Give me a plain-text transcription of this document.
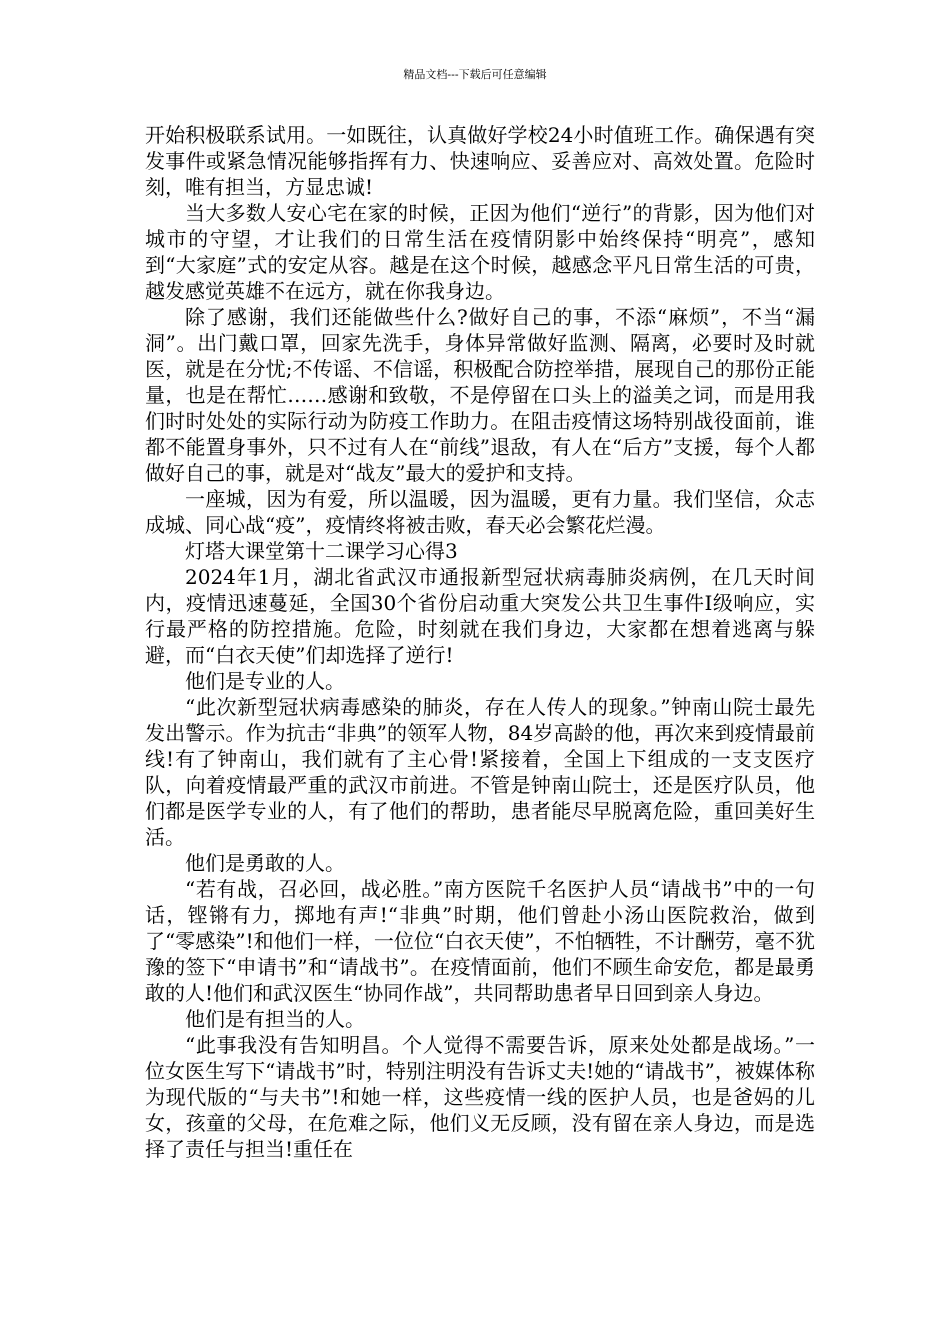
精品文档---下载后可任意编辑

开始积极联系试用。一如既往，认真做好学校24小时值班工作。确保遇有突发事件或紧急情况能够指挥有力、快速响应、妥善应对、高效处置。危险时刻，唯有担当，方显忠诚!

当大多数人安心宅在家的时候，正因为他们“逆行”的背影，因为他们对城市的守望，才让我们的日常生活在疫情阴影中始终保持“明亮”，感知到“大家庭”式的安定从容。越是在这个时候，越感念平凡日常生活的可贵，越发感觉英雄不在远方，就在你我身边。

除了感谢，我们还能做些什么?做好自己的事，不添“麻烦”，不当“漏洞”。出门戴口罩，回家先洗手，身体异常做好监测、隔离，必要时及时就医，就是在分忧;不传谣、不信谣，积极配合防控举措，展现自己的那份正能量，也是在帮忙……感谢和致敬，不是停留在口头上的溢美之词，而是用我们时时处处的实际行动为防疫工作助力。在阻击疫情这场特别战役面前，谁都不能置身事外，只不过有人在“前线”退敌，有人在“后方”支援，每个人都做好自己的事，就是对“战友”最大的爱护和支持。

一座城，因为有爱，所以温暖，因为温暖，更有力量。我们坚信，众志成城、同心战“疫”，疫情终将被击败，春天必会繁花烂漫。

灯塔大课堂第十二课学习心得3

2024年1月，湖北省武汉市通报新型冠状病毒肺炎病例，在几天时间内，疫情迅速蔓延，全国30个省份启动重大突发公共卫生事件Ⅰ级响应，实行最严格的防控措施。危险，时刻就在我们身边，大家都在想着逃离与躲避，而“白衣天使”们却选择了逆行!

他们是专业的人。

“此次新型冠状病毒感染的肺炎，存在人传人的现象。”钟南山院士最先发出警示。作为抗击“非典”的领军人物，84岁高龄的他，再次来到疫情最前线!有了钟南山，我们就有了主心骨!紧接着，全国上下组成的一支支医疗队，向着疫情最严重的武汉市前进。不管是钟南山院士，还是医疗队员，他们都是医学专业的人，有了他们的帮助，患者能尽早脱离危险，重回美好生活。

他们是勇敢的人。

“若有战，召必回，战必胜。”南方医院千名医护人员“请战书”中的一句话，铿锵有力，掷地有声!“非典”时期，他们曾赴小汤山医院救治，做到了“零感染”!和他们一样，一位位“白衣天使”，不怕牺牲，不计酬劳，毫不犹豫的签下“申请书”和“请战书”。在疫情面前，他们不顾生命安危，都是最勇敢的人!他们和武汉医生“协同作战”，共同帮助患者早日回到亲人身边。

他们是有担当的人。

“此事我没有告知明昌。个人觉得不需要告诉，原来处处都是战场。”一位女医生写下“请战书”时，特别注明没有告诉丈夫!她的“请战书”，被媒体称为现代版的“与夫书”!和她一样，这些疫情一线的医护人员，也是爸妈的儿女，孩童的父母，在危难之际，他们义无反顾，没有留在亲人身边，而是选择了责任与担当!重任在
